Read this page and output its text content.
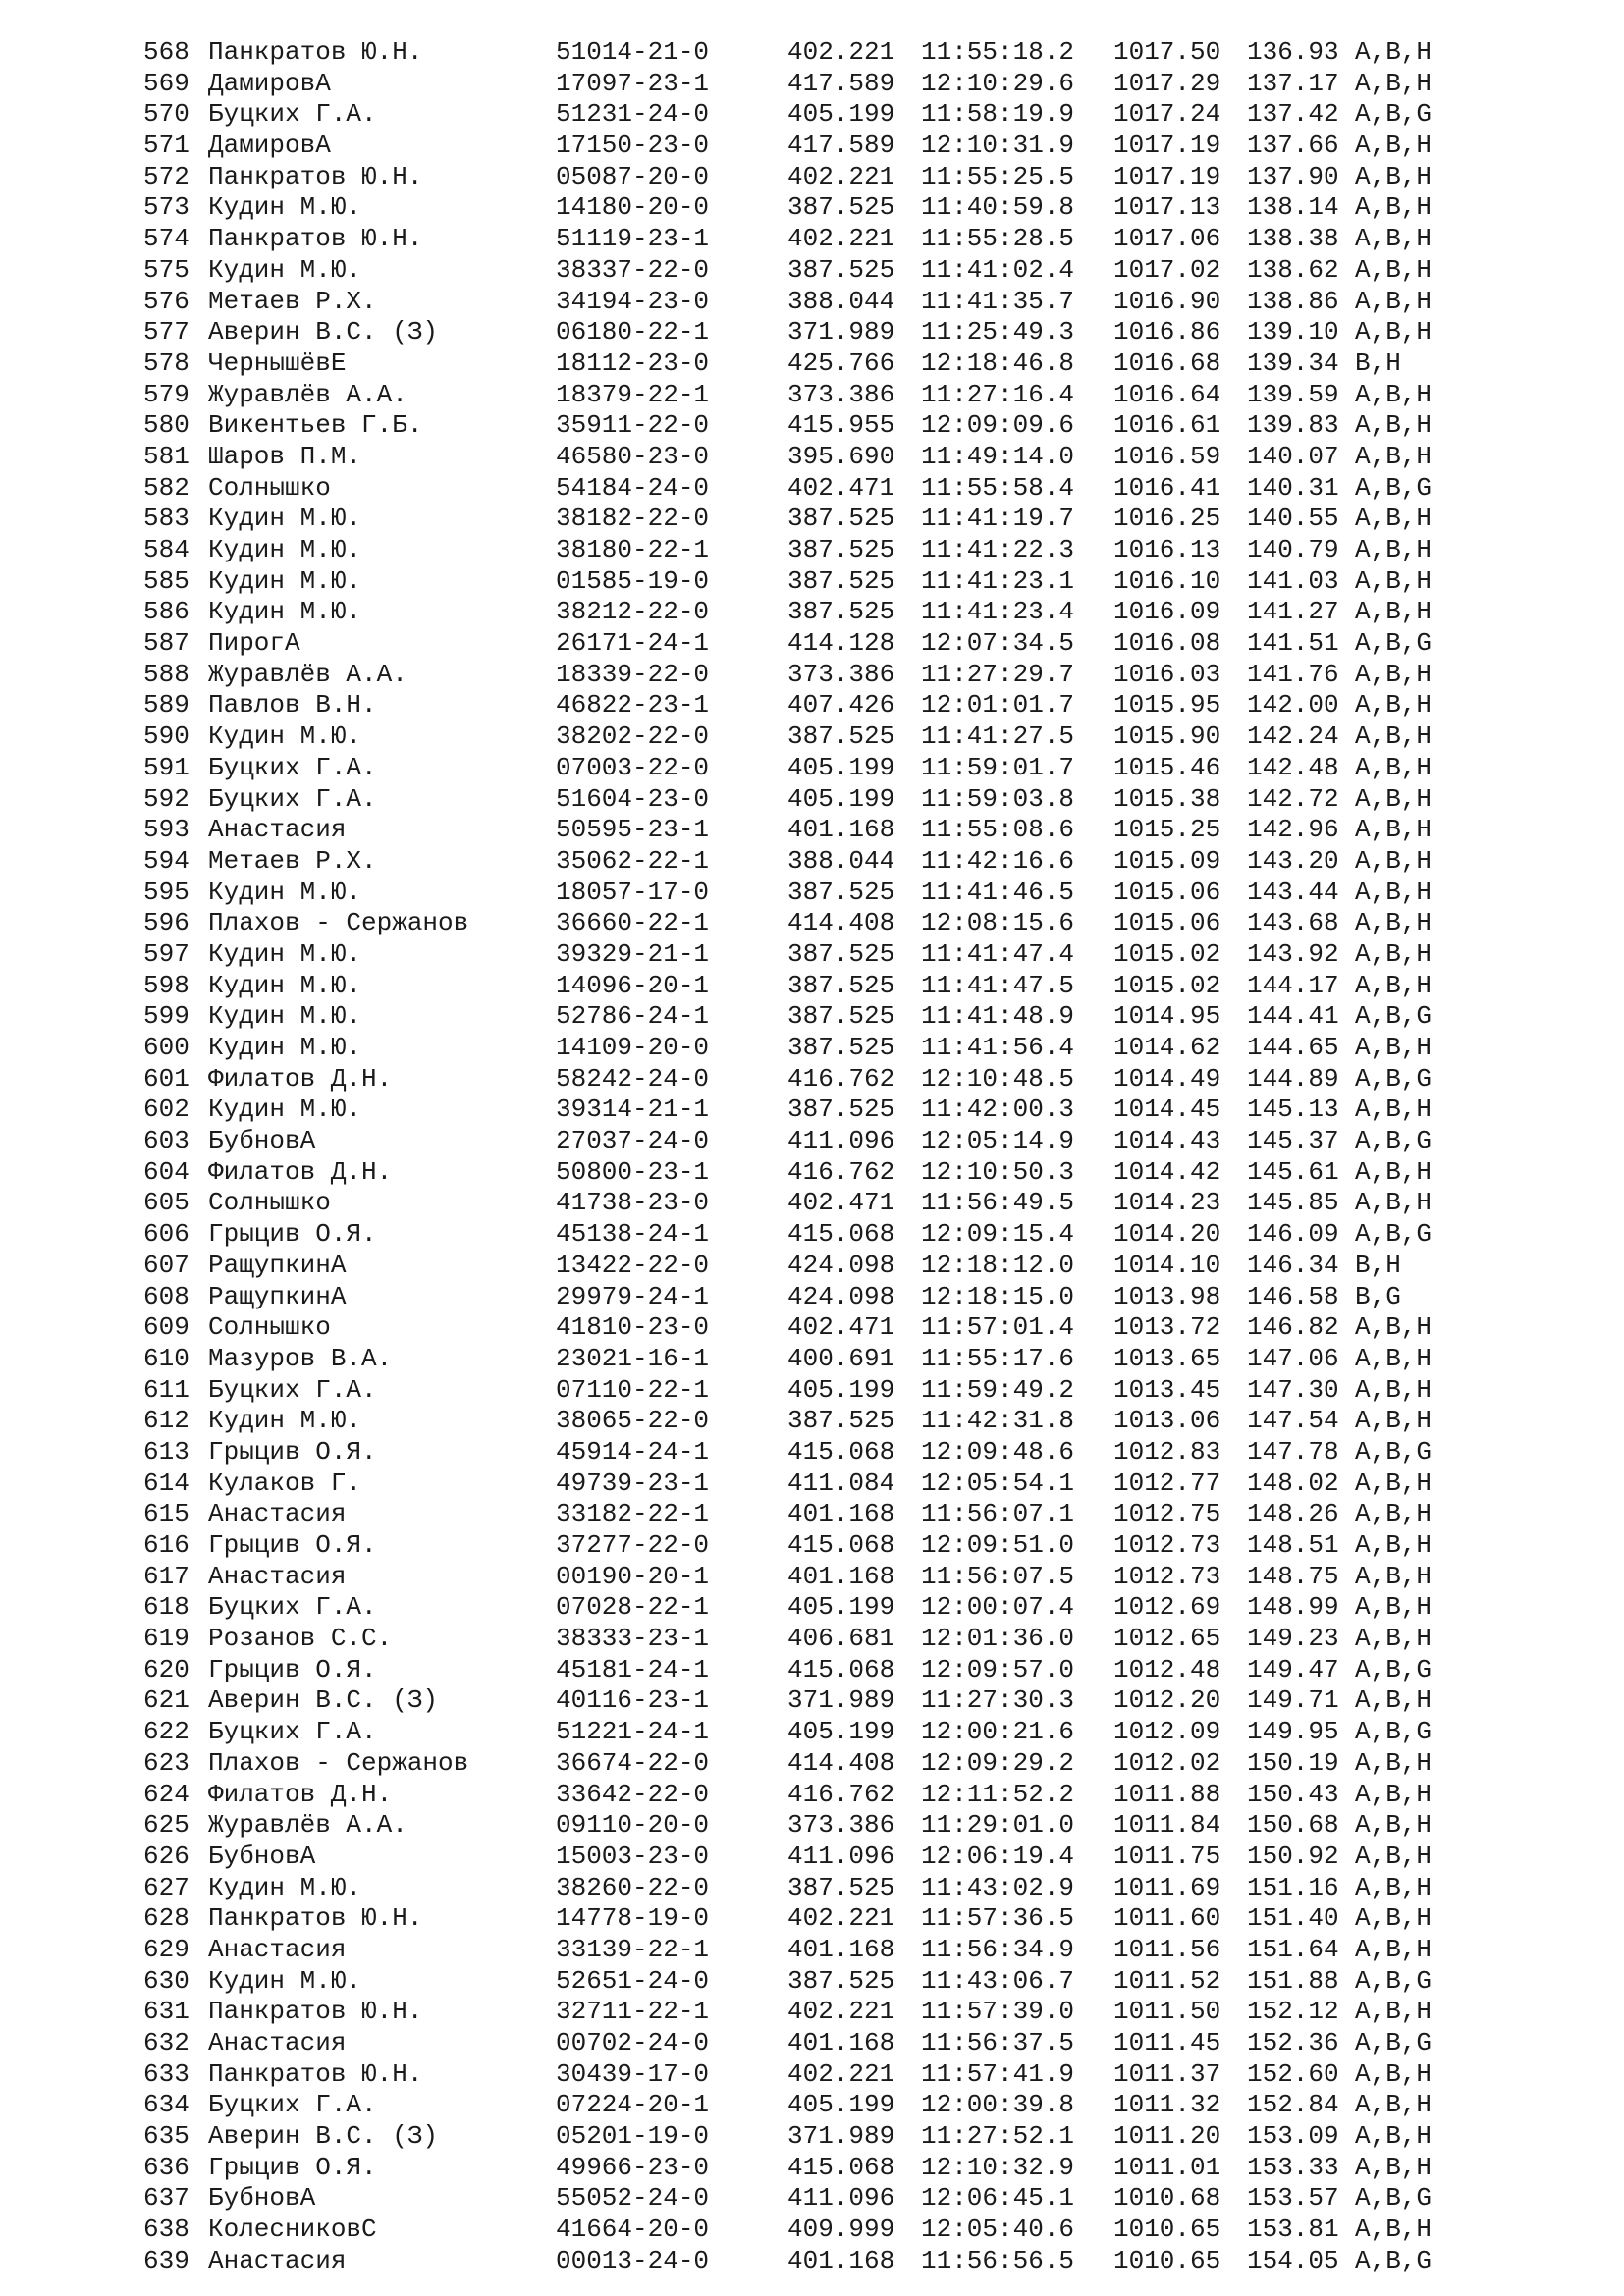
568 Панкратов Ю.Н.	51014-21-0	402.221 11:55:18.2 1017.50 136.93 A,B,H
569 ДамировА	17097-23-1	417.589 12:10:29.6 1017.29 137.17 A,B,H
570 Буцких Г.А.	51231-24-0	405.199 11:58:19.9 1017.24 137.42 A,B,G
571 ДамировА	17150-23-0	417.589 12:10:31.9 1017.19 137.66 A,B,H
572 Панкратов Ю.Н.	05087-20-0	402.221 11:55:25.5 1017.19 137.90 A,B,H
573 Кудин М.Ю.	14180-20-0	387.525 11:40:59.8 1017.13 138.14 A,B,H
574 Панкратов Ю.Н.	51119-23-1	402.221 11:55:28.5 1017.06 138.38 A,B,H
575 Кудин М.Ю.	38337-22-0	387.525 11:41:02.4 1017.02 138.62 A,B,H
576 Метаев Р.Х.	34194-23-0	388.044 11:41:35.7 1016.90 138.86 A,B,H
577 Аверин В.С. (З)	06180-22-1	371.989 11:25:49.3 1016.86 139.10 A,B,H
578 ЧернышёвЕ	18112-23-0	425.766 12:18:46.8 1016.68 139.34 B,H
579 Журавлёв А.А.	18379-22-1	373.386 11:27:16.4 1016.64 139.59 A,B,H
580 Викентьев Г.Б.	35911-22-0	415.955 12:09:09.6 1016.61 139.83 A,B,H
581 Шаров П.М.	46580-23-0	395.690 11:49:14.0 1016.59 140.07 A,B,H
582 Солнышко	54184-24-0	402.471 11:55:58.4 1016.41 140.31 A,B,G
583 Кудин М.Ю.	38182-22-0	387.525 11:41:19.7 1016.25 140.55 A,B,H
584 Кудин М.Ю.	38180-22-1	387.525 11:41:22.3 1016.13 140.79 A,B,H
585 Кудин М.Ю.	01585-19-0	387.525 11:41:23.1 1016.10 141.03 A,B,H
586 Кудин М.Ю.	38212-22-0	387.525 11:41:23.4 1016.09 141.27 A,B,H
587 ПирогА	26171-24-1	414.128 12:07:34.5 1016.08 141.51 A,B,G
588 Журавлёв А.А.	18339-22-0	373.386 11:27:29.7 1016.03 141.76 A,B,H
589 Павлов В.Н.	46822-23-1	407.426 12:01:01.7 1015.95 142.00 A,B,H
590 Кудин М.Ю.	38202-22-0	387.525 11:41:27.5 1015.90 142.24 A,B,H
591 Буцких Г.А.	07003-22-0	405.199 11:59:01.7 1015.46 142.48 A,B,H
592 Буцких Г.А.	51604-23-0	405.199 11:59:03.8 1015.38 142.72 A,B,H
593 Анастасия	50595-23-1	401.168 11:55:08.6 1015.25 142.96 A,B,H
594 Метаев Р.Х.	35062-22-1	388.044 11:42:16.6 1015.09 143.20 A,B,H
595 Кудин М.Ю.	18057-17-0	387.525 11:41:46.5 1015.06 143.44 A,B,H
596 Плахов - Сержанов	36660-22-1	414.408 12:08:15.6 1015.06 143.68 A,B,H
597 Кудин М.Ю.	39329-21-1	387.525 11:41:47.4 1015.02 143.92 A,B,H
598 Кудин М.Ю.	14096-20-1	387.525 11:41:47.5 1015.02 144.17 A,B,H
599 Кудин М.Ю.	52786-24-1	387.525 11:41:48.9 1014.95 144.41 A,B,G
600 Кудин М.Ю.	14109-20-0	387.525 11:41:56.4 1014.62 144.65 A,B,H
601 Филатов Д.Н.	58242-24-0	416.762 12:10:48.5 1014.49 144.89 A,B,G
602 Кудин М.Ю.	39314-21-1	387.525 11:42:00.3 1014.45 145.13 A,B,H
603 БубновА	27037-24-0	411.096 12:05:14.9 1014.43 145.37 A,B,G
604 Филатов Д.Н.	50800-23-1	416.762 12:10:50.3 1014.42 145.61 A,B,H
605 Солнышко	41738-23-0	402.471 11:56:49.5 1014.23 145.85 A,B,H
606 Грыцив О.Я.	45138-24-1	415.068 12:09:15.4 1014.20 146.09 A,B,G
607 РащупкинА	13422-22-0	424.098 12:18:12.0 1014.10 146.34 B,H
608 РащупкинА	29979-24-1	424.098 12:18:15.0 1013.98 146.58 B,G
609 Солнышко	41810-23-0	402.471 11:57:01.4 1013.72 146.82 A,B,H
610 Мазуров В.А.	23021-16-1	400.691 11:55:17.6 1013.65 147.06 A,B,H
611 Буцких Г.А.	07110-22-1	405.199 11:59:49.2 1013.45 147.30 A,B,H
612 Кудин М.Ю.	38065-22-0	387.525 11:42:31.8 1013.06 147.54 A,B,H
613 Грыцив О.Я.	45914-24-1	415.068 12:09:48.6 1012.83 147.78 A,B,G
614 Кулаков Г.	49739-23-1	411.084 12:05:54.1 1012.77 148.02 A,B,H
615 Анастасия	33182-22-1	401.168 11:56:07.1 1012.75 148.26 A,B,H
616 Грыцив О.Я.	37277-22-0	415.068 12:09:51.0 1012.73 148.51 A,B,H
617 Анастасия	00190-20-1	401.168 11:56:07.5 1012.73 148.75 A,B,H
618 Буцких Г.А.	07028-22-1	405.199 12:00:07.4 1012.69 148.99 A,B,H
619 Розанов С.С.	38333-23-1	406.681 12:01:36.0 1012.65 149.23 A,B,H
620 Грыцив О.Я.	45181-24-1	415.068 12:09:57.0 1012.48 149.47 A,B,G
621 Аверин В.С. (З)	40116-23-1	371.989 11:27:30.3 1012.20 149.71 A,B,H
622 Буцких Г.А.	51221-24-1	405.199 12:00:21.6 1012.09 149.95 A,B,G
623 Плахов - Сержанов	36674-22-0	414.408 12:09:29.2 1012.02 150.19 A,B,H
624 Филатов Д.Н.	33642-22-0	416.762 12:11:52.2 1011.88 150.43 A,B,H
625 Журавлёв А.А.	09110-20-0	373.386 11:29:01.0 1011.84 150.68 A,B,H
626 БубновА	15003-23-0	411.096 12:06:19.4 1011.75 150.92 A,B,H
627 Кудин М.Ю.	38260-22-0	387.525 11:43:02.9 1011.69 151.16 A,B,H
628 Панкратов Ю.Н.	14778-19-0	402.221 11:57:36.5 1011.60 151.40 A,B,H
629 Анастасия	33139-22-1	401.168 11:56:34.9 1011.56 151.64 A,B,H
630 Кудин М.Ю.	52651-24-0	387.525 11:43:06.7 1011.52 151.88 A,B,G
631 Панкратов Ю.Н.	32711-22-1	402.221 11:57:39.0 1011.50 152.12 A,B,H
632 Анастасия	00702-24-0	401.168 11:56:37.5 1011.45 152.36 A,B,G
633 Панкратов Ю.Н.	30439-17-0	402.221 11:57:41.9 1011.37 152.60 A,B,H
634 Буцких Г.А.	07224-20-1	405.199 12:00:39.8 1011.32 152.84 A,B,H
635 Аверин В.С. (З)	05201-19-0	371.989 11:27:52.1 1011.20 153.09 A,B,H
636 Грыцив О.Я.	49966-23-0	415.068 12:10:32.9 1011.01 153.33 A,B,H
637 БубновА	55052-24-0	411.096 12:06:45.1 1010.68 153.57 A,B,G
638 КолесниковС	41664-20-0	409.999 12:05:40.6 1010.65 153.81 A,B,H
639 Анастасия	00013-24-0	401.168 11:56:56.5 1010.65 154.05 A,B,G
